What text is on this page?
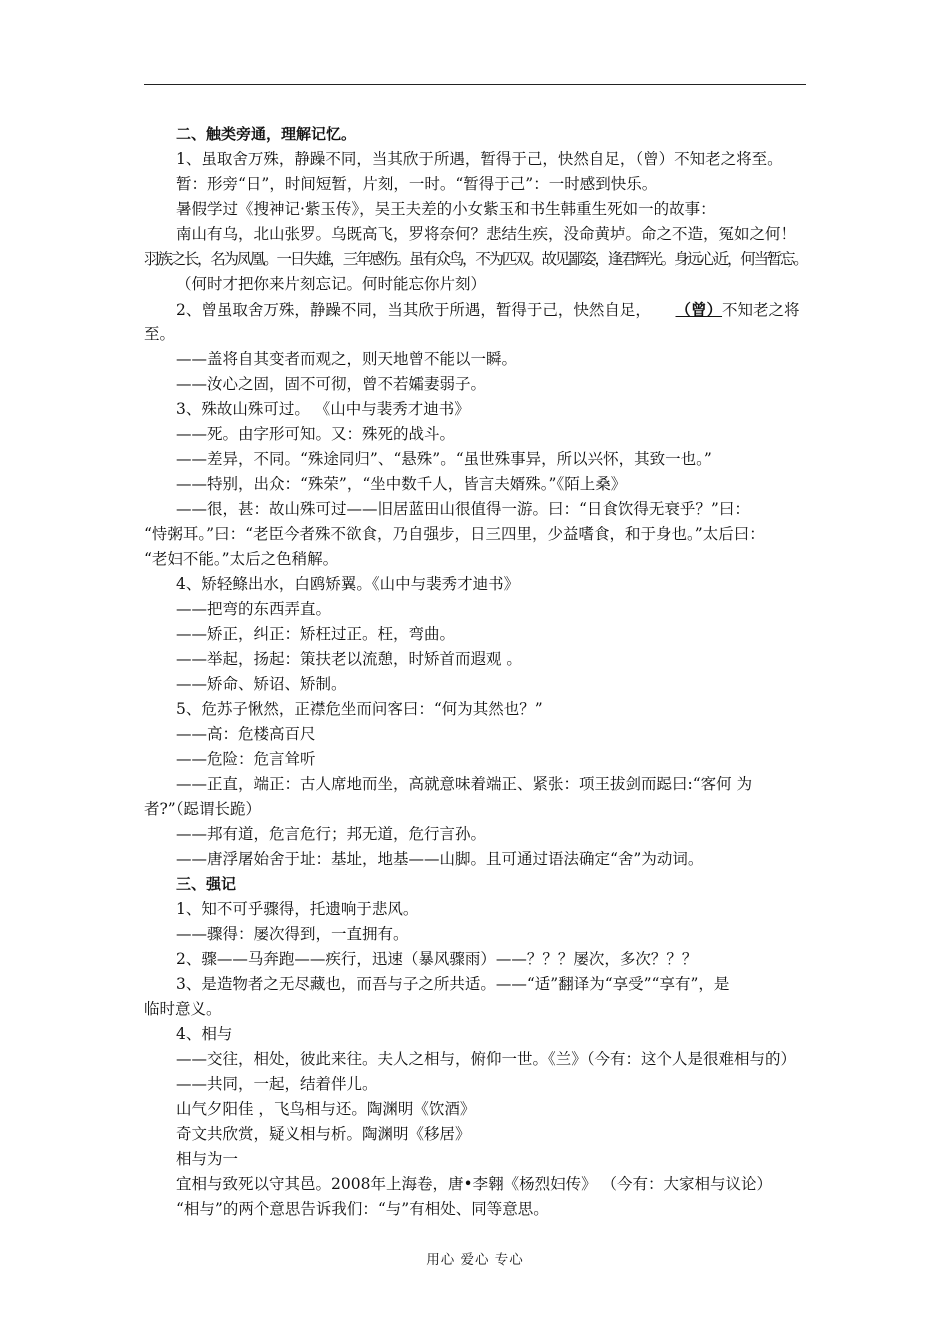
二、触类旁通，理解记忆。
1、虽取舍万殊，静躁不同，当其欣于所遇，暂得于己，快然自足，（曾）不知老之将至。
暂：形旁“日”，时间短暂，片刻，一时。“暂得于己”：一时感到快乐。
暑假学过《搜神记·紫玉传》，吴王夫差的小女紫玉和书生韩重生死如一的故事：
南山有乌，北山张罗。乌既高飞，罗将奈何？悲结生疾，没命黄垆。命之不造，冤如之何！
羽族之长，名为凤凰。一日失雄，三年感伤。虽有众鸟，不为匹双。故见鄙姿，逢君辉光。身远心近，何当暂忘。
（何时才把你来片刻忘记。何时能忘你片刻）
2、曾虽取舍万殊，静躁不同，当其欣于所遇，暂得于己，快然自足， （曾）不知老之将
至。
——盖将自其变者而观之，则天地曾不能以一瞬。
——汝心之固，固不可彻，曾不若孀妻弱子。
3、殊故山殊可过。 《山中与裴秀才迪书》
——死。由字形可知。又：殊死的战斗。
——差异，不同。“殊途同归”、“悬殊”。“虽世殊事异，所以兴怀，其致一也。”
——特别，出众：“殊荣”，“坐中数千人，皆言夫婿殊。”《陌上桑》
——很，甚：故山殊可过——旧居蓝田山很值得一游。曰：“日食饮得无衰乎？”曰：
“恃粥耳。”曰：“老臣今者殊不欲食，乃自强步，日三四里，少益嗜食，和于身也。”太后曰：
“老妇不能。”太后之色稍解。
4、矫轻鲦出水，白鸥矫翼。《山中与裴秀才迪书》
——把弯的东西弄直。
——矫正，纠正：矫枉过正。枉，弯曲。
——举起，扬起：策扶老以流憩，时矫首而遐观 。
——矫命、矫诏、矫制。
5、危苏子愀然，正襟危坐而问客曰：“何为其然也？”
——高：危楼高百尺
——危险：危言耸听
——正直，端正：古人席地而坐，高就意味着端正、紧张：项王拔剑而跽曰:“客何 为
者?”（跽谓长跪）
——邦有道，危言危行；邦无道，危行言孙。
——唐浮屠始舍于址：基址，地基——山脚。且可通过语法确定“舍”为动词。
三、强记
1、知不可乎骤得，托遗响于悲风。
——骤得：屡次得到，一直拥有。
2、骤——马奔跑——疾行，迅速（暴风骤雨）——？？？屡次，多次？？？
3、是造物者之无尽藏也，而吾与子之所共适。——“适”翻译为“享受”“享有”，是
临时意义。
4、相与
——交往，相处，彼此来往。夫人之相与，俯仰一世。《兰》（今有：这个人是很难相与的）
——共同，一起，结着伴儿。
山气夕阳佳 ，飞鸟相与还。陶渊明《饮酒》
奇文共欣赏，疑义相与析。陶渊明《移居》
相与为一
宜相与致死以守其邑。2008年上海卷，唐•李翱《杨烈妇传》 （今有：大家相与议论）
“相与”的两个意思告诉我们：“与”有相处、同等意思。
用心 爱心 专心
